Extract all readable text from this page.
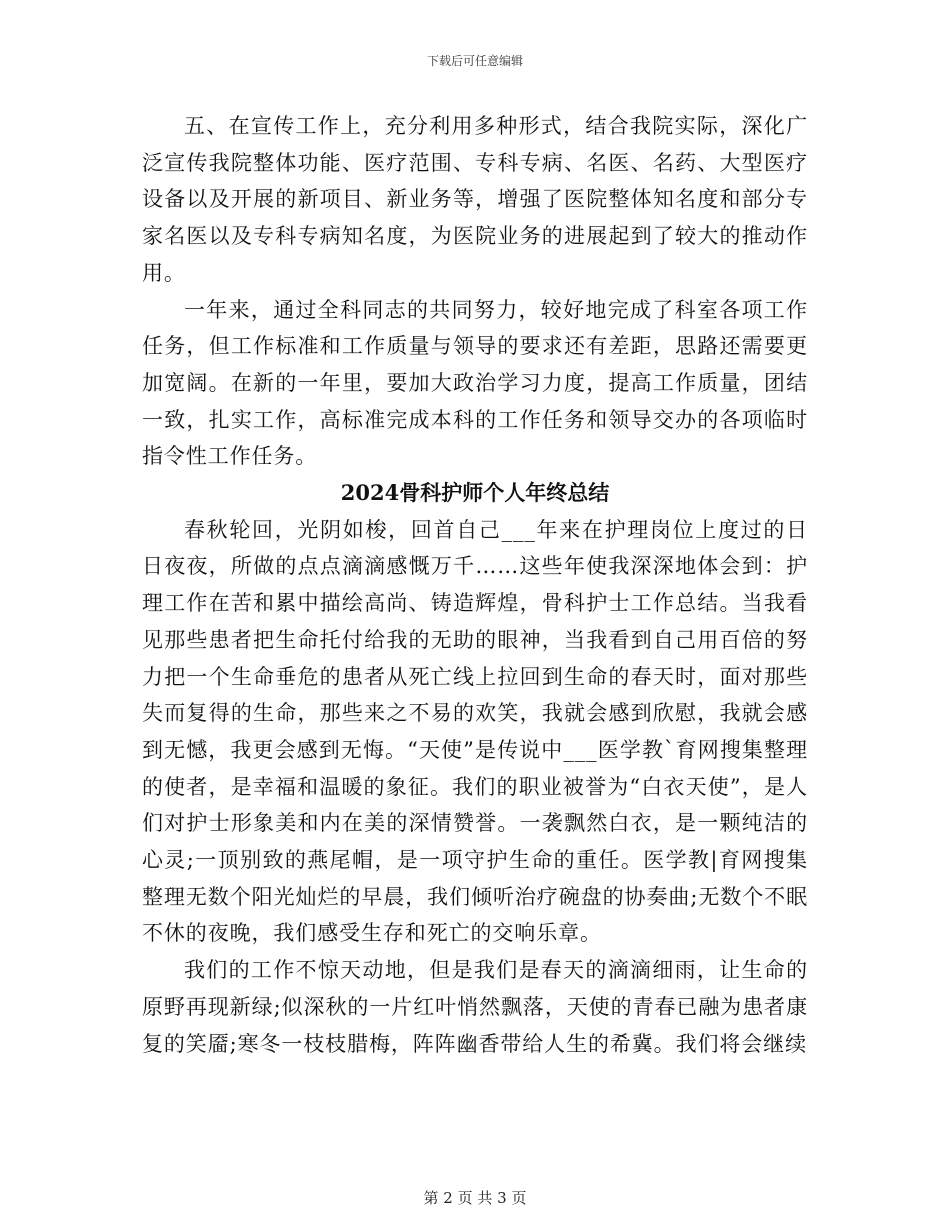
下载后可任意编辑

五、在宣传工作上，充分利用多种形式，结合我院实际，深化广泛宣传我院整体功能、医疗范围、专科专病、名医、名药、大型医疗设备以及开展的新项目、新业务等，增强了医院整体知名度和部分专家名医以及专科专病知名度，为医院业务的进展起到了较大的推动作用。

一年来，通过全科同志的共同努力，较好地完成了科室各项工作任务，但工作标准和工作质量与领导的要求还有差距，思路还需要更加宽阔。在新的一年里，要加大政治学习力度，提高工作质量，团结一致，扎实工作，高标准完成本科的工作任务和领导交办的各项临时指令性工作任务。

2024骨科护师个人年终总结

春秋轮回，光阴如梭，回首自己___年来在护理岗位上度过的日日夜夜，所做的点点滴滴感慨万千……这些年使我深深地体会到：护理工作在苦和累中描绘高尚、铸造辉煌，骨科护士工作总结。当我看见那些患者把生命托付给我的无助的眼神，当我看到自己用百倍的努力把一个生命垂危的患者从死亡线上拉回到生命的春天时，面对那些失而复得的生命，那些来之不易的欢笑，我就会感到欣慰，我就会感到无憾，我更会感到无悔。“天使”是传说中___医学教`育网搜集整理的使者，是幸福和温暖的象征。我们的职业被誉为“白衣天使”，是人们对护士形象美和内在美的深情赞誉。一袭飘然白衣，是一颗纯洁的心灵;一顶别致的燕尾帽，是一项守护生命的重任。医学教|育网搜集整理无数个阳光灿烂的早晨，我们倾听治疗碗盘的协奏曲;无数个不眠不休的夜晚，我们感受生存和死亡的交响乐章。

我们的工作不惊天动地，但是我们是春天的滴滴细雨，让生命的原野再现新绿;似深秋的一片红叶悄然飘落，天使的青春已融为患者康复的笑靥;寒冬一枝枝腊梅，阵阵幽香带给人生的希冀。我们将会继续

第 2 页 共 3 页
